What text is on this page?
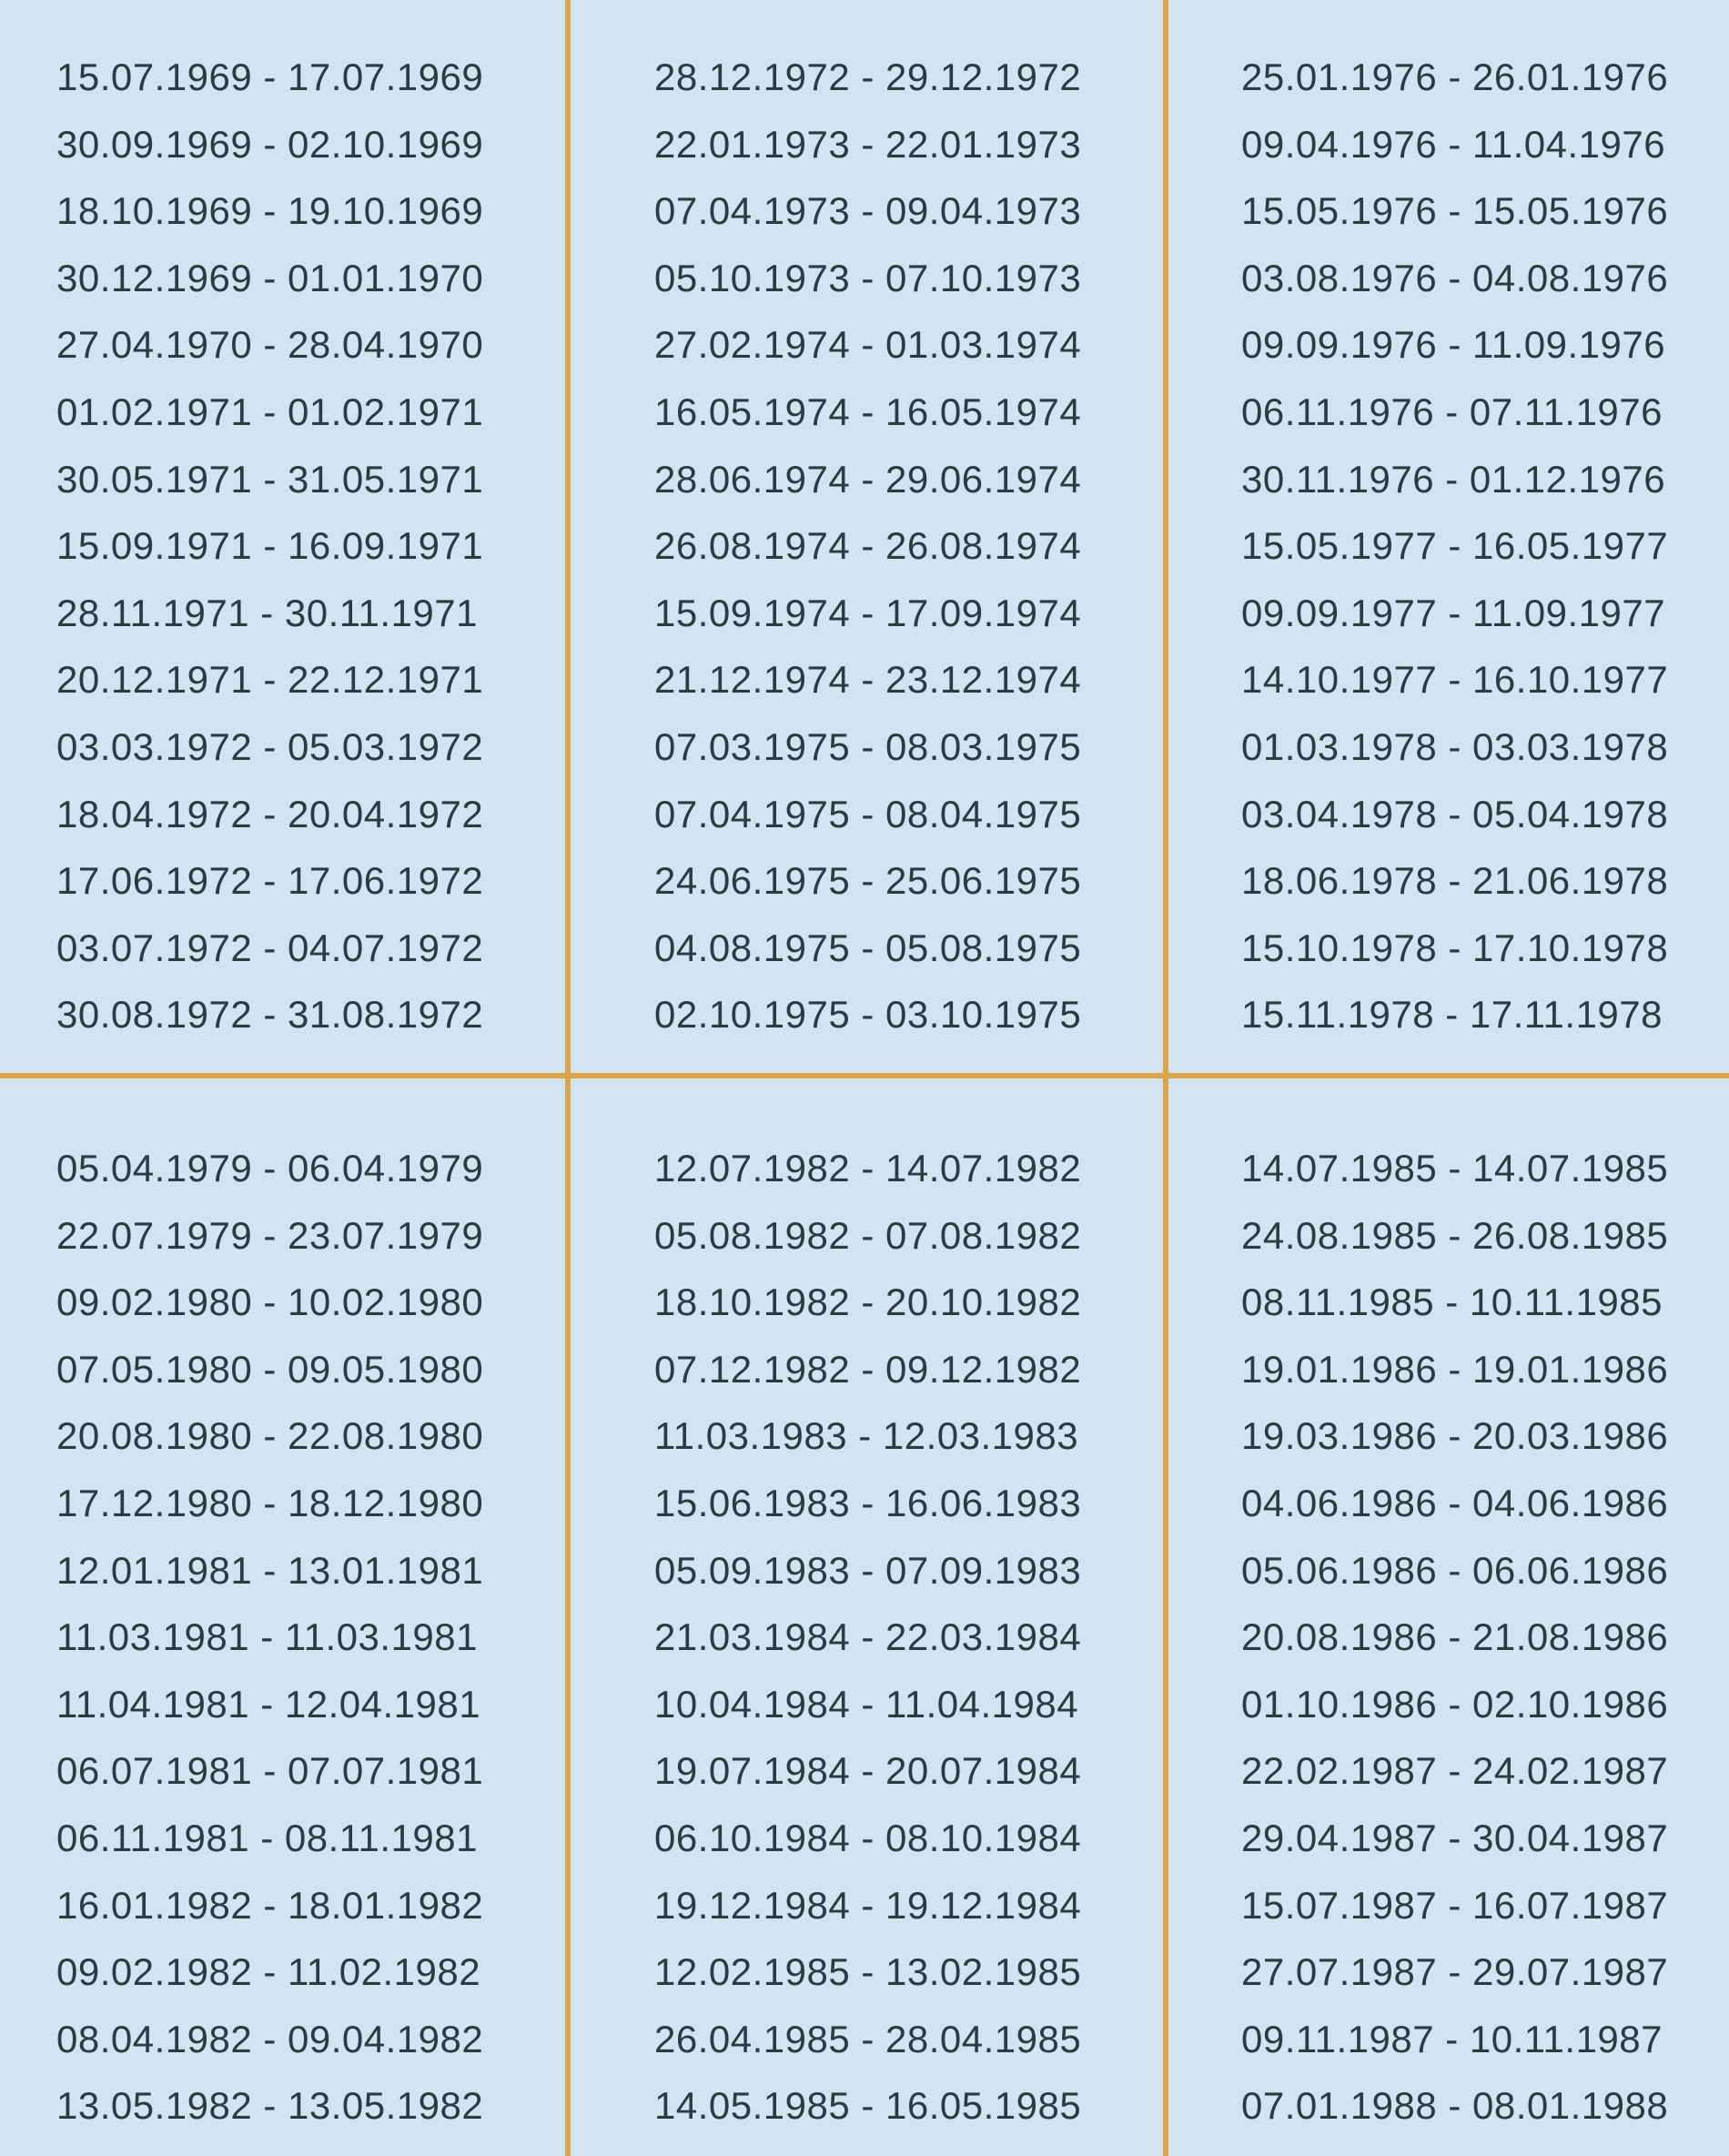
15.07.1969 - 17.07.1969
30.09.1969 - 02.10.1969
18.10.1969 - 19.10.1969
30.12.1969 - 01.01.1970
27.04.1970 - 28.04.1970
01.02.1971 - 01.02.1971
30.05.1971 - 31.05.1971
15.09.1971 - 16.09.1971
28.11.1971 - 30.11.1971
20.12.1971 - 22.12.1971
03.03.1972 - 05.03.1972
18.04.1972 - 20.04.1972
17.06.1972 - 17.06.1972
03.07.1972 - 04.07.1972
30.08.1972 - 31.08.1972
28.12.1972 - 29.12.1972
22.01.1973 - 22.01.1973
07.04.1973 - 09.04.1973
05.10.1973 - 07.10.1973
27.02.1974 - 01.03.1974
16.05.1974 - 16.05.1974
28.06.1974 - 29.06.1974
26.08.1974 - 26.08.1974
15.09.1974 - 17.09.1974
21.12.1974 - 23.12.1974
07.03.1975 - 08.03.1975
07.04.1975 - 08.04.1975
24.06.1975 - 25.06.1975
04.08.1975 - 05.08.1975
02.10.1975 - 03.10.1975
25.01.1976 - 26.01.1976
09.04.1976 - 11.04.1976
15.05.1976 - 15.05.1976
03.08.1976 - 04.08.1976
09.09.1976 - 11.09.1976
06.11.1976 - 07.11.1976
30.11.1976 - 01.12.1976
15.05.1977 - 16.05.1977
09.09.1977 - 11.09.1977
14.10.1977 - 16.10.1977
01.03.1978 - 03.03.1978
03.04.1978 - 05.04.1978
18.06.1978 - 21.06.1978
15.10.1978 - 17.10.1978
15.11.1978 - 17.11.1978
05.04.1979 - 06.04.1979
22.07.1979 - 23.07.1979
09.02.1980 - 10.02.1980
07.05.1980 - 09.05.1980
20.08.1980 - 22.08.1980
17.12.1980 - 18.12.1980
12.01.1981 - 13.01.1981
11.03.1981 - 11.03.1981
11.04.1981 - 12.04.1981
06.07.1981 - 07.07.1981
06.11.1981 - 08.11.1981
16.01.1982 - 18.01.1982
09.02.1982 - 11.02.1982
08.04.1982 - 09.04.1982
13.05.1982 - 13.05.1982
12.07.1982 - 14.07.1982
05.08.1982 - 07.08.1982
18.10.1982 - 20.10.1982
07.12.1982 - 09.12.1982
11.03.1983 - 12.03.1983
15.06.1983 - 16.06.1983
05.09.1983 - 07.09.1983
21.03.1984 - 22.03.1984
10.04.1984 - 11.04.1984
19.07.1984 - 20.07.1984
06.10.1984 - 08.10.1984
19.12.1984 - 19.12.1984
12.02.1985 - 13.02.1985
26.04.1985 - 28.04.1985
14.05.1985 - 16.05.1985
14.07.1985 - 14.07.1985
24.08.1985 - 26.08.1985
08.11.1985 - 10.11.1985
19.01.1986 - 19.01.1986
19.03.1986 - 20.03.1986
04.06.1986 - 04.06.1986
05.06.1986 - 06.06.1986
20.08.1986 - 21.08.1986
01.10.1986 - 02.10.1986
22.02.1987 - 24.02.1987
29.04.1987 - 30.04.1987
15.07.1987 - 16.07.1987
27.07.1987 - 29.07.1987
09.11.1987 - 10.11.1987
07.01.1988 - 08.01.1988
